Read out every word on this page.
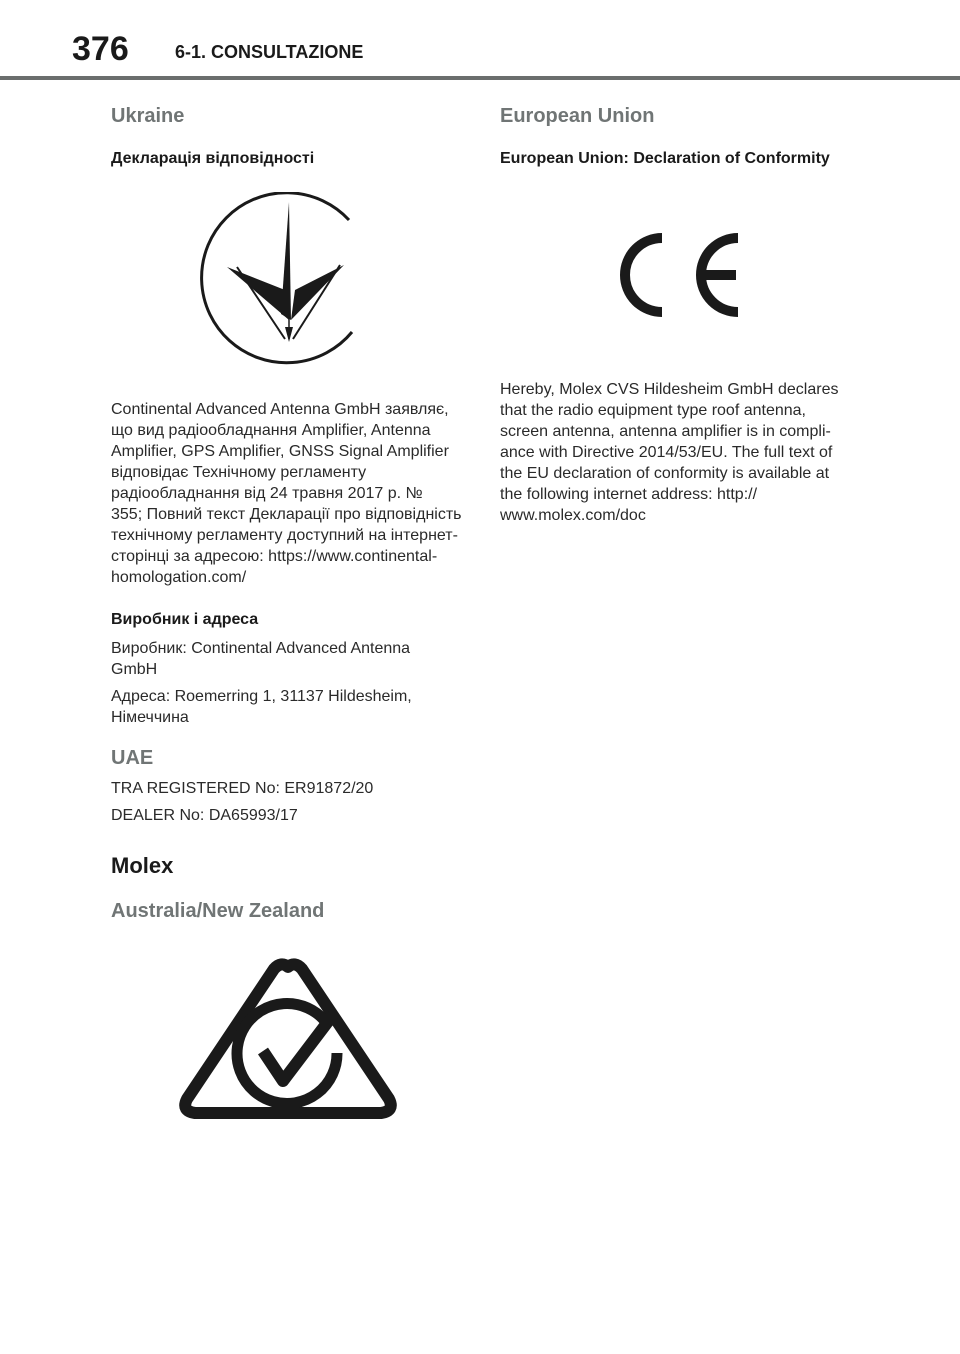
376	6-1. CONSULTAZIONE
Ukraine
Декларація відповідності

Continental Advanced Antenna GmbH заявляє,

що вид радіообладнання Amplifier, Antenna

Amplifier, GPS Amplifier, GNSS Signal Amplifier

відповідає Технічному регламенту

радіообладнання від 24 травня 2017 р. №

355; Повний текст Декларації про відповідність

технічному регламенту доступний на інтернет-

сторінці за адресою: https://www.continental-

homologation.com/

Виробник і адреса

Виробник: Continental Advanced Antenna

GmbH

Адреса: Roemerring 1, 31137 Hildesheim,

Німеччина

UAE

TRA REGISTERED No: ER91872/20

DEALER No: DA65993/17

Molex
Australia/New Zealand
European Union
European Union: Declaration of Conformity

Hereby, Molex CVS Hildesheim GmbH declares

that the radio equipment type roof antenna,

screen antenna, antenna amplifier is in compli-

ance with Directive 2014/53/EU. The full text of

the EU declaration of conformity is available at

the following internet address: http://

www.molex.com/doc
